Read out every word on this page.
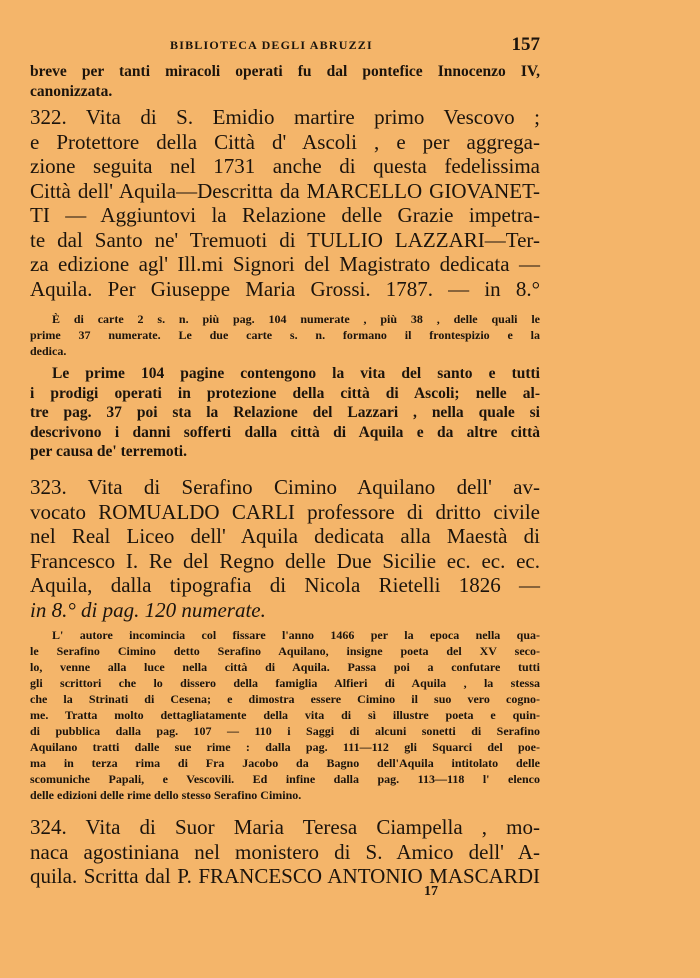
BIBLIOTECA DEGLI ABRUZZI	157
breve per tanti miracoli operati fu dal pontefice Innocenzo IV,
canonizzata.
322. Vita di S. Emidio martire primo Vescovo ;
e Protettore della Città d' Ascoli , e per aggrega-
zione seguita nel 1731 anche di questa fedelissima
Città dell' Aquila—Descritta da MARCELLO GIOVANET-
TI — Aggiuntovi la Relazione delle Grazie impetra-
te dal Santo ne' Tremuoti di TULLIO LAZZARI—Ter-
za edizione agl' Ill.mi Signori del Magistrato dedicata —
Aquila. Per Giuseppe Maria Grossi. 1787. — in 8.°
È di carte 2 s. n. più pag. 104 numerate , più 38 , delle quali le
prime 37 numerate. Le due carte s. n. formano il frontespizio e la
dedica.
Le prime 104 pagine contengono la vita del santo e tutti
i prodigi operati in protezione della città di Ascoli; nelle al-
tre pag. 37 poi sta la Relazione del Lazzari , nella quale si
descrivono i danni sofferti dalla città di Aquila e da altre città
per causa de' terremoti.
323. Vita di Serafino Cimino Aquilano dell' av-
vocato ROMUALDO CARLI professore di dritto civile
nel Real Liceo dell' Aquila dedicata alla Maestà di
Francesco I. Re del Regno delle Due Sicilie ec. ec. ec.
Aquila, dalla tipografia di Nicola Rietelli 1826 —
in 8.° di pag. 120 numerate.
L' autore incomincia col fissare l'anno 1466 per la epoca nella qua-
le Serafino Cimino detto Serafino Aquilano, insigne poeta del XV seco-
lo, venne alla luce nella città di Aquila. Passa poi a confutare tutti
gli scrittori che lo dissero della famiglia Alfieri di Aquila , la stessa
che la Strinati di Cesena; e dimostra essere Cimino il suo vero cogno-
me. Tratta molto dettagliatamente della vita di sì illustre poeta e quin-
di pubblica dalla pag. 107 — 110 i Saggi di alcuni sonetti di Serafino
Aquilano tratti dalle sue rime : dalla pag. 111—112 gli Squarci del poe-
ma in terza rima di Fra Jacobo da Bagno dell'Aquila intitolato delle
scomuniche Papali, e Vescovili. Ed infine dalla pag. 113—118 l' elenco
delle edizioni delle rime dello stesso Serafino Cimino.
324. Vita di Suor Maria Teresa Ciampella , mo-
naca agostiniana nel monistero di S. Amico dell' A-
quila. Scritta dal P. FRANCESCO ANTONIO MASCARDI
17
